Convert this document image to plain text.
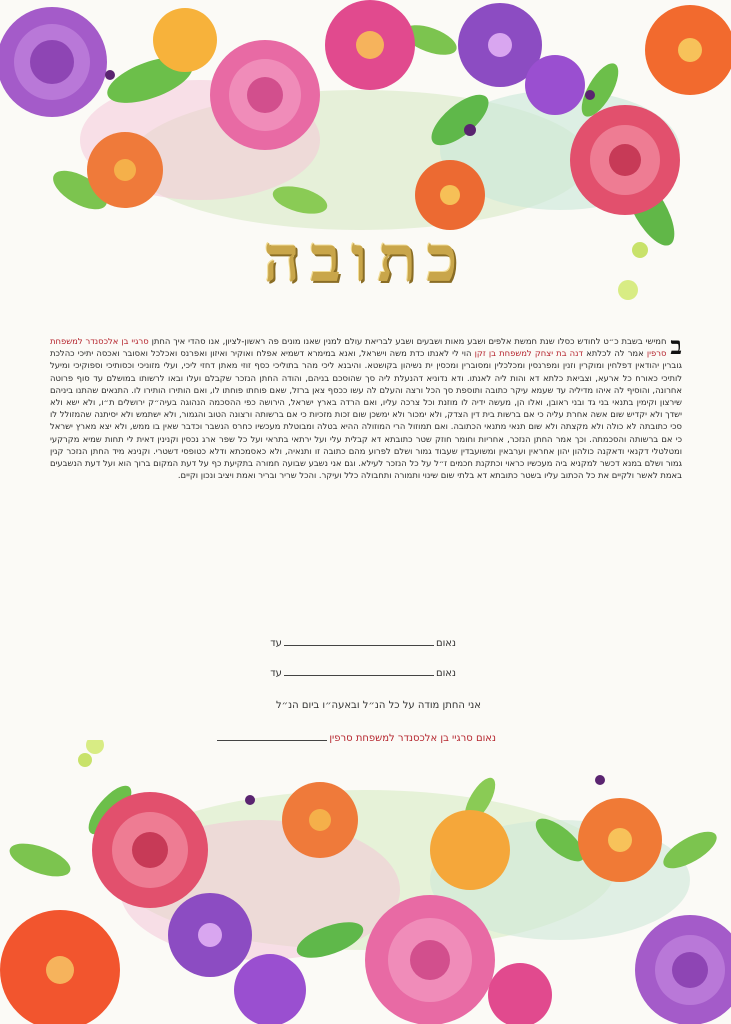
כתובה
ב
חמישי בשבת כ״ט לחודש כסלו שנת חמשת אלפים ושבע מאות ושבעים ושבע לבריאת עולם למנין שאנו מונים פה ראשון-לציון, אנו סהדי איך החתן סרגיי בן אלכסנדר למשפחת סרפין אמר לה לכלתא דנה בת יצחק למשפחת בן זקן הוי לי לאנתו כדת משה וישראל, ואנא במימרא דשמיא אפלח ואוקיר ואיזון ואפרנס ואכלכל ואסובר ואכסה יתיכי כהלכת גוברין יהודאין דפלחין ומוקרין וזנין ומפרנסין ומכלכלין ומסוברין ומכסין ית נשיהון בקושטא. והיבנא ליכי מהר בתוליכי כסף זוזי מאתן דחזי ליכי, ועלי מזוניכי וכסותיכי וספוקיכי ומיעל לותיכי כאורח כל ארעא, וצביאת כלתא דא והות ליה לאנתו. ודא נדוניא דהנעלת ליה סך שהוסכם בניהם, והודה החתן הנזכר שקבלם ועלו ובאו לרשותו במושלם עד סוף פרוטה אחרונה, והוסיף לה איהו מדיליה עד שעמא עיקר כתובה ותוספת סך הכל ורצה והעלם לה עשו ככסף צאן ברזל, שאם פוחתו פוחתו לו, ואם הותירו הותירו לו. התנאים שהתנו ביניהם שירצון וקימין בתנאי בני גד ובני ראובן, ואלו הן, מעשה ידיה לו מוזנת וכל צרכה עליו, ואם הרדה בארץ ישראל, הירושה כפי ההסכמה הנהוגה בעיה״ק ירושלים ת״ו, ולא ישא ולא ישדך ולא יקדיש שום אשה אחרת עליה כי אם ברשות בית דין הצדק, ולא ימכור ולא ימשכן שום זכות מזכיות כי אם ברשותה ורצונה הטוב והגמור, ולא ישתמש ולא יסיתנה שהמזולל לו סכי כתובתה לא כולה ולא מקצתה ולא שום תנאי מתנאי הכתובה. ואם תמוזול הרי המוזולה ההיא בטלה ומבוטלת מעכשיו כחרס הנשבר וכדבר שאין בו ממש, ולא יצא מארץ ישראל כי אם ברשותה והסכמתה. וכך אמר החתן הנזכר, אחריות וחומר חוזק שטר כתובתא דא קבלית עלי ועל ירתאי בתראי ועל כל שפר ארג נכסין וקנינין דאית לי תחות שמיא מקרקעי ומטלטלי דקנאי ודאקנה כולהון יהון אחראין וערבאין ומשועבדין שעבוד גמור ושלם לפרוע מהם כתובה זו ותנאיה, ולא כאסמכתא ודלא כטופסי דשטרי. וקנינא מיד החתן הנזכר קנין גמור ושלם במנא דכשר למקניא ביה מעכשיו כראוי וכתקנת חכמים ז״ל על כל הנזכר לעילא. וגם אני נשבע שבועה חמורה בתקיעת כף על דעת המקום ברוך הוא ועל דעת הנשבעים באמת לאשר ולקיים את כל הכתוב עליו בשטר כתובתא דא בלתי שום שינוי ותמורה ותחבולה כלל ועיקר. והכל שריר ובריר ואמת ויציב ונכון וקיים.
נאוםעד
נאוםעד
אני החתן מודה על כל הנ״ל ובאעה״ו ביום הנ״ל
נאום סרגיי בן אלכסנדר למשפחת סרפין
